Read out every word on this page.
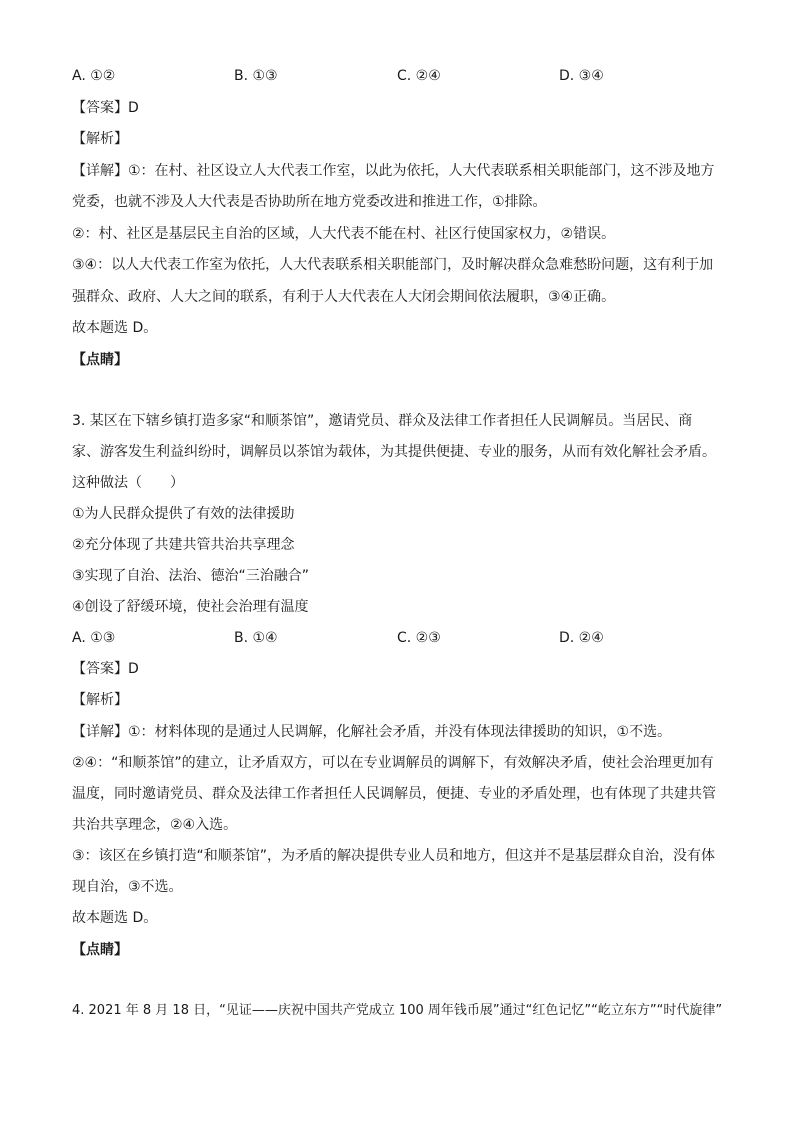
A. ①②	B. ①③	C. ②④	D. ③④
【答案】D
【解析】
【详解】①：在村、社区设立人大代表工作室，以此为依托，人大代表联系相关职能部门，这不涉及地方
党委，也就不涉及人大代表是否协助所在地方党委改进和推进工作，①排除。
②：村、社区是基层民主自治的区域，人大代表不能在村、社区行使国家权力，②错误。
③④：以人大代表工作室为依托，人大代表联系相关职能部门，及时解决群众急难愁盼问题，这有利于加
强群众、政府、人大之间的联系，有利于人大代表在人大闭会期间依法履职，③④正确。
故本题选 D。
【点睛】
3. 某区在下辖乡镇打造多家“和顺茶馆”，邀请党员、群众及法律工作者担任人民调解员。当居民、商
家、游客发生利益纠纷时，调解员以茶馆为载体，为其提供便捷、专业的服务，从而有效化解社会矛盾。
这种做法（　　）
①为人民群众提供了有效的法律援助
②充分体现了共建共管共治共享理念
③实现了自治、法治、德治“三治融合”
④创设了舒缓环境，使社会治理有温度
A. ①③	B. ①④	C. ②③	D. ②④
【答案】D
【解析】
【详解】①：材料体现的是通过人民调解，化解社会矛盾，并没有体现法律援助的知识，①不选。
②④：“和顺茶馆”的建立，让矛盾双方，可以在专业调解员的调解下，有效解决矛盾，使社会治理更加有
温度，同时邀请党员、群众及法律工作者担任人民调解员，便捷、专业的矛盾处理，也有体现了共建共管
共治共享理念，②④入选。
③：该区在乡镇打造“和顺茶馆”，为矛盾的解决提供专业人员和地方，但这并不是基层群众自治，没有体
现自治，③不选。
故本题选 D。
【点睛】
4. 2021 年 8 月 18 日，“见证——庆祝中国共产党成立 100 周年钱币展”通过“红色记忆”“屹立东方”“时代旋律”
